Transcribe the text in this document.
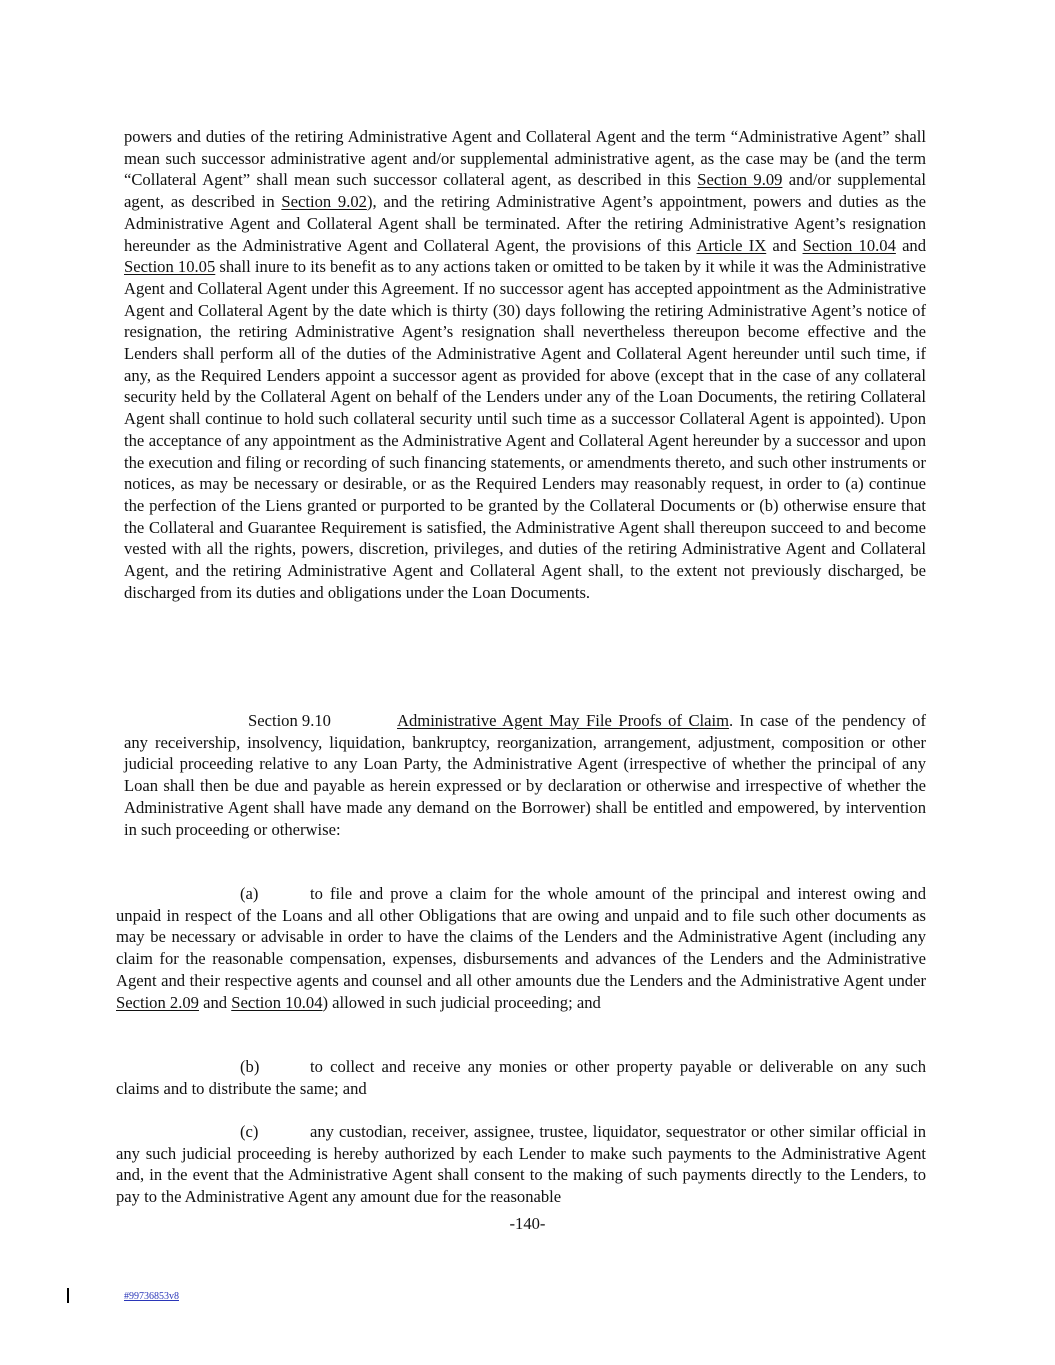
powers and duties of the retiring Administrative Agent and Collateral Agent and the term “Administrative Agent” shall mean such successor administrative agent and/or supplemental administrative agent, as the case may be (and the term “Collateral Agent” shall mean such successor collateral agent, as described in this Section 9.09 and/or supplemental agent, as described in Section 9.02), and the retiring Administrative Agent’s appointment, powers and duties as the Administrative Agent and Collateral Agent shall be terminated. After the retiring Administrative Agent’s resignation hereunder as the Administrative Agent and Collateral Agent, the provisions of this Article IX and Section 10.04 and Section 10.05 shall inure to its benefit as to any actions taken or omitted to be taken by it while it was the Administrative Agent and Collateral Agent under this Agreement. If no successor agent has accepted appointment as the Administrative Agent and Collateral Agent by the date which is thirty (30) days following the retiring Administrative Agent’s notice of resignation, the retiring Administrative Agent’s resignation shall nevertheless thereupon become effective and the Lenders shall perform all of the duties of the Administrative Agent and Collateral Agent hereunder until such time, if any, as the Required Lenders appoint a successor agent as provided for above (except that in the case of any collateral security held by the Collateral Agent on behalf of the Lenders under any of the Loan Documents, the retiring Collateral Agent shall continue to hold such collateral security until such time as a successor Collateral Agent is appointed). Upon the acceptance of any appointment as the Administrative Agent and Collateral Agent hereunder by a successor and upon the execution and filing or recording of such financing statements, or amendments thereto, and such other instruments or notices, as may be necessary or desirable, or as the Required Lenders may reasonably request, in order to (a) continue the perfection of the Liens granted or purported to be granted by the Collateral Documents or (b) otherwise ensure that the Collateral and Guarantee Requirement is satisfied, the Administrative Agent shall thereupon succeed to and become vested with all the rights, powers, discretion, privileges, and duties of the retiring Administrative Agent and Collateral Agent, and the retiring Administrative Agent and Collateral Agent shall, to the extent not previously discharged, be discharged from its duties and obligations under the Loan Documents.

Section 9.10	Administrative Agent May File Proofs of Claim. In case of the pendency of any receivership, insolvency, liquidation, bankruptcy, reorganization, arrangement, adjustment, composition or other judicial proceeding relative to any Loan Party, the Administrative Agent (irrespective of whether the principal of any Loan shall then be due and payable as herein expressed or by declaration or otherwise and irrespective of whether the Administrative Agent shall have made any demand on the Borrower) shall be entitled and empowered, by intervention in such proceeding or otherwise:

(a)	to file and prove a claim for the whole amount of the principal and interest owing and unpaid in respect of the Loans and all other Obligations that are owing and unpaid and to file such other documents as may be necessary or advisable in order to have the claims of the Lenders and the Administrative Agent (including any claim for the reasonable compensation, expenses, disbursements and advances of the Lenders and the Administrative Agent and their respective agents and counsel and all other amounts due the Lenders and the Administrative Agent under Section 2.09 and Section 10.04) allowed in such judicial proceeding; and

(b)	to collect and receive any monies or other property payable or deliverable on any such claims and to distribute the same; and

(c)	any custodian, receiver, assignee, trustee, liquidator, sequestrator or other similar official in any such judicial proceeding is hereby authorized by each Lender to make such payments to the Administrative Agent and, in the event that the Administrative Agent shall consent to the making of such payments directly to the Lenders, to pay to the Administrative Agent any amount due for the reasonable

-140-
#99736853v8
